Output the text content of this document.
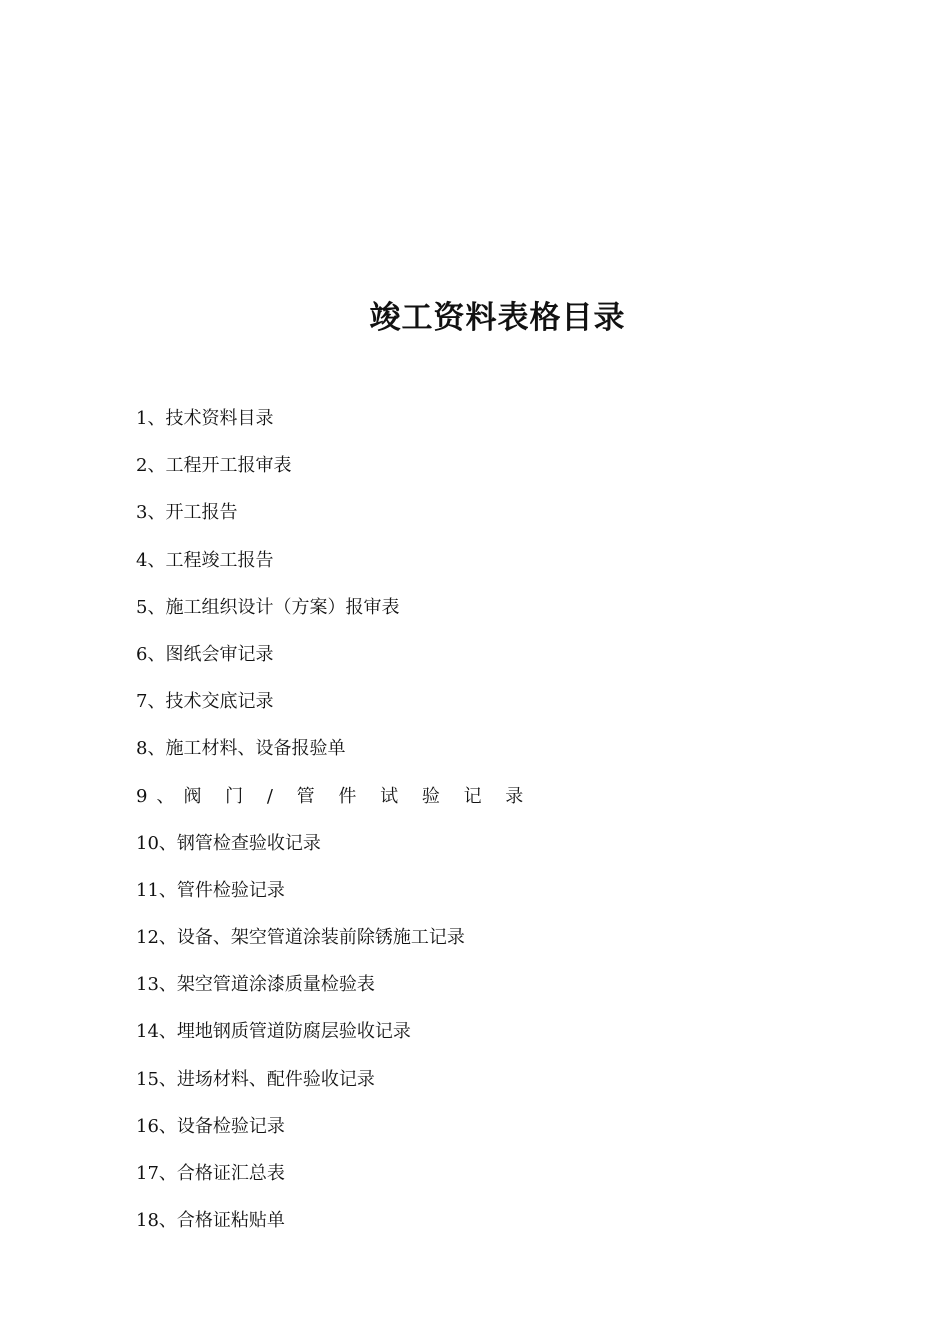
竣工资料表格目录
1、技术资料目录
2、工程开工报审表
3、开工报告
4、工程竣工报告
5、施工组织设计（方案）报审表
6、图纸会审记录
7、技术交底记录
8、施工材料、设备报验单
9、阀 门 / 管 件 试 验 记 录
10、钢管检查验收记录
11、管件检验记录
12、设备、架空管道涂装前除锈施工记录
13、架空管道涂漆质量检验表
14、埋地钢质管道防腐层验收记录
15、进场材料、配件验收记录
16、设备检验记录
17、合格证汇总表
18、合格证粘贴单
